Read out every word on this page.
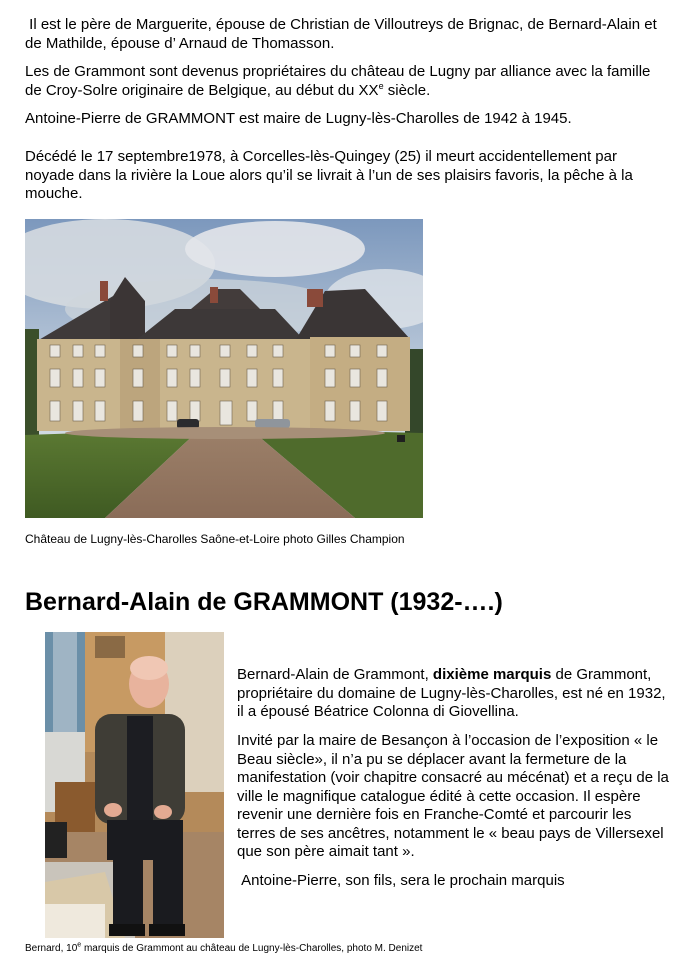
Il est le père de Marguerite, épouse de Christian de Villoutreys de Brignac, de Bernard-Alain et de Mathilde, épouse d’ Arnaud de Thomasson.

Les de Grammont sont devenus propriétaires du château de Lugny par alliance avec la famille de Croy-Solre originaire de Belgique, au début du XXe siècle.

Antoine-Pierre de GRAMMONT est maire de Lugny-lès-Charolles de 1942 à 1945.

Décédé le 17 septembre1978, à Corcelles-lès-Quingey (25) il meurt accidentellement par noyade dans la rivière la Loue alors qu’il se livrait à l’un de ses plaisirs favoris, la pêche à la mouche.

Château de Lugny-lès-Charolles Saône-et-Loire photo Gilles Champion
Bernard-Alain de GRAMMONT (1932-….)

Bernard-Alain de Grammont, dixième marquis de Grammont, propriétaire du domaine de Lugny-lès-Charolles, est né en 1932, il a épousé Béatrice Colonna di Giovellina.

Invité par la maire de Besançon à l’occasion de l’exposition « le Beau siècle», il n’a pu se déplacer avant la fermeture de la manifestation (voir chapitre consacré au mécénat) et a reçu de la ville le magnifique catalogue édité à cette occasion. Il espère revenir une dernière fois en Franche-Comté et parcourir les terres de ses ancêtres, notamment le « beau pays de Villersexel que son père aimait tant ».

Antoine-Pierre, son fils, sera le prochain marquis

Bernard, 10e marquis de Grammont au château de Lugny-lès-Charolles, photo M. Denizet
